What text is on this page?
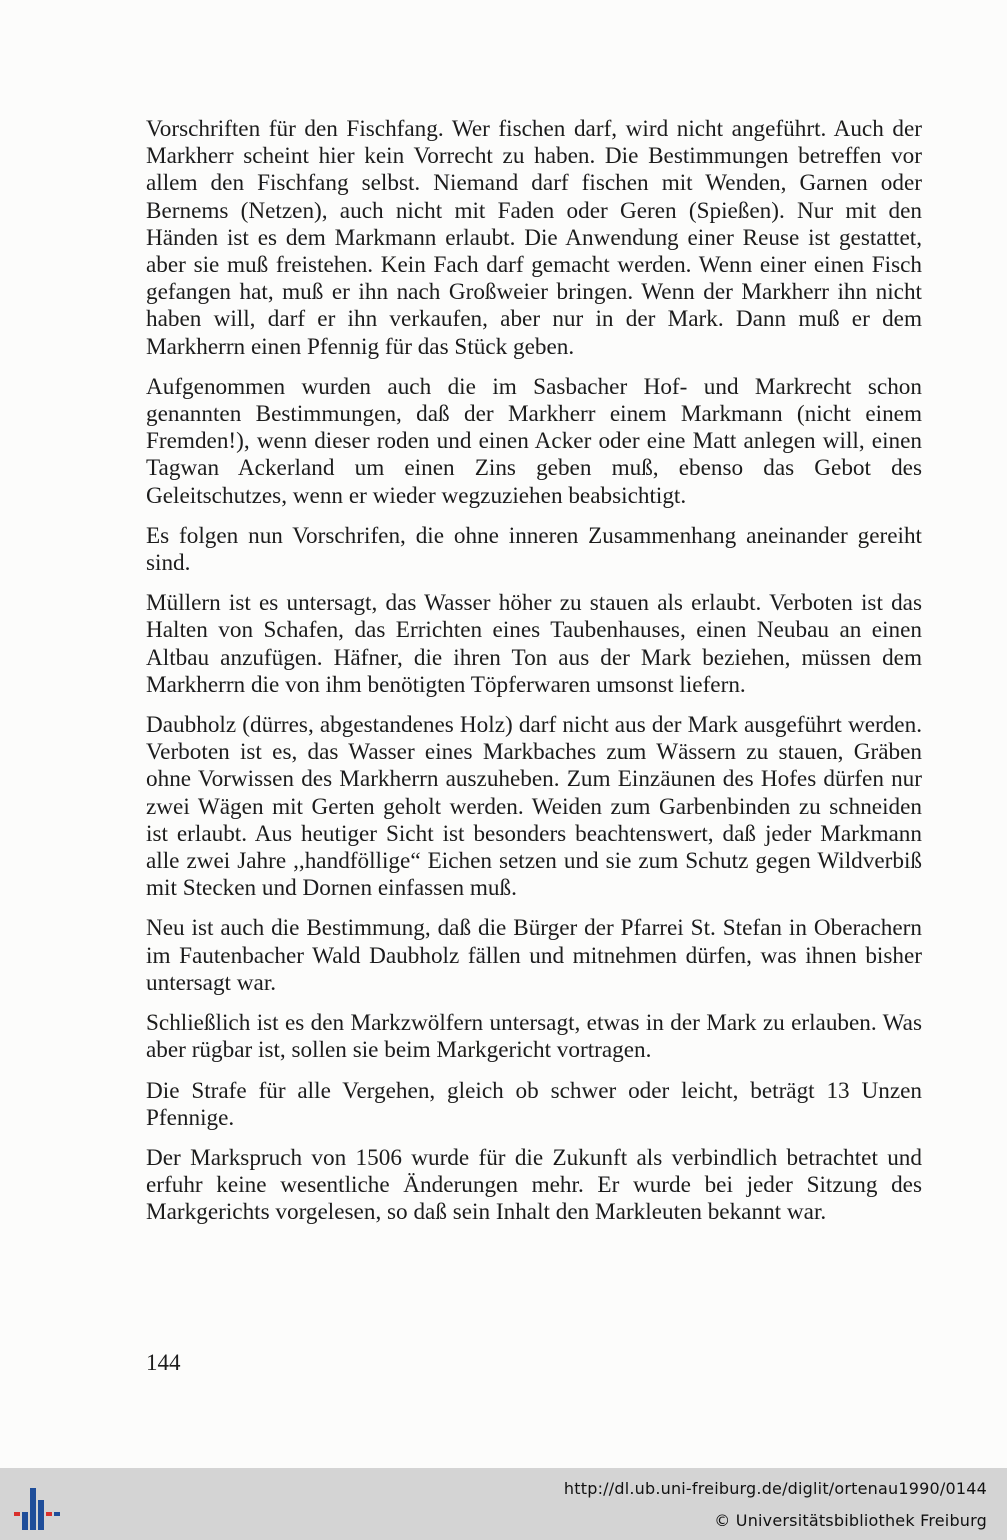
Vorschriften für den Fischfang. Wer fischen darf, wird nicht angeführt. Auch der Markherr scheint hier kein Vorrecht zu haben. Die Bestimmungen betreffen vor allem den Fischfang selbst. Niemand darf fischen mit Wenden, Garnen oder Bernems (Netzen), auch nicht mit Faden oder Geren (Spießen). Nur mit den Händen ist es dem Markmann erlaubt. Die Anwendung einer Reuse ist gestattet, aber sie muß freistehen. Kein Fach darf gemacht werden. Wenn einer einen Fisch gefangen hat, muß er ihn nach Großweier bringen. Wenn der Markherr ihn nicht haben will, darf er ihn verkaufen, aber nur in der Mark. Dann muß er dem Markherrn einen Pfennig für das Stück geben.

Aufgenommen wurden auch die im Sasbacher Hof- und Markrecht schon genannten Bestimmungen, daß der Markherr einem Markmann (nicht einem Fremden!), wenn dieser roden und einen Acker oder eine Matt anlegen will, einen Tagwan Ackerland um einen Zins geben muß, ebenso das Gebot des Geleitschutzes, wenn er wieder wegzuziehen beabsichtigt.

Es folgen nun Vorschrifen, die ohne inneren Zusammenhang aneinander gereiht sind.

Müllern ist es untersagt, das Wasser höher zu stauen als erlaubt. Verboten ist das Halten von Schafen, das Errichten eines Taubenhauses, einen Neubau an einen Altbau anzufügen. Häfner, die ihren Ton aus der Mark beziehen, müssen dem Markherrn die von ihm benötigten Töpferwaren umsonst liefern.

Daubholz (dürres, abgestandenes Holz) darf nicht aus der Mark ausgeführt werden. Verboten ist es, das Wasser eines Markbaches zum Wässern zu stauen, Gräben ohne Vorwissen des Markherrn auszuheben. Zum Einzäunen des Hofes dürfen nur zwei Wägen mit Gerten geholt werden. Weiden zum Garbenbinden zu schneiden ist erlaubt. Aus heutiger Sicht ist besonders beachtenswert, daß jeder Markmann alle zwei Jahre ,,handföllige“ Eichen setzen und sie zum Schutz gegen Wildverbiß mit Stecken und Dornen einfassen muß.

Neu ist auch die Bestimmung, daß die Bürger der Pfarrei St. Stefan in Oberachern im Fautenbacher Wald Daubholz fällen und mitnehmen dürfen, was ihnen bisher untersagt war.

Schließlich ist es den Markzwölfern untersagt, etwas in der Mark zu erlauben. Was aber rügbar ist, sollen sie beim Markgericht vortragen.

Die Strafe für alle Vergehen, gleich ob schwer oder leicht, beträgt 13 Unzen Pfennige.

Der Markspruch von 1506 wurde für die Zukunft als verbindlich betrachtet und erfuhr keine wesentliche Änderungen mehr. Er wurde bei jeder Sitzung des Markgerichts vorgelesen, so daß sein Inhalt den Markleuten bekannt war.

144
http://dl.ub.uni-freiburg.de/diglit/ortenau1990/0144
© Universitätsbibliothek Freiburg
